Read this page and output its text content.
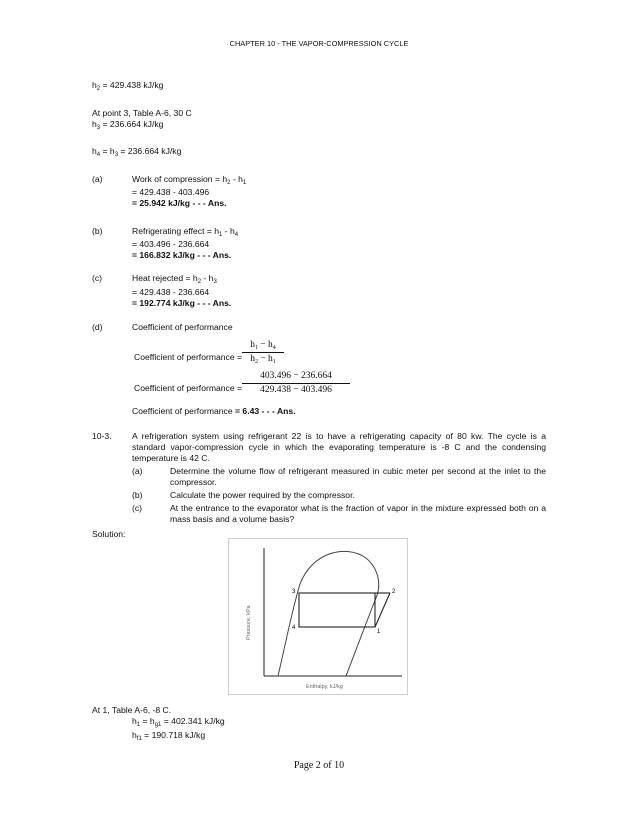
CHAPTER 10 - THE VAPOR-COMPRESSION CYCLE
$h_2 = 429.438$ kJ/kg
At point 3, Table A-6, 30 C
$h_3 = 236.664$ kJ/kg
$h_4 = h_3 = 236.664$ kJ/kg
(a)	Work of compression = $h_2 - h_1$
= 429.438 - 403.496
= 25.942 kJ/kg - - - Ans.
(b)	Refrigerating effect = $h_1 - h_4$
= 403.496 - 236.664
= 166.832 kJ/kg - - - Ans.
(c)	Heat rejected = $h_2 - h_3$
= 429.438 - 236.664
= 192.774 kJ/kg - - - Ans.
(d)	Coefficient of performance
Coefficient of performance =
$h_1 - h_4$
$h_2 - h_1$
Coefficient of performance =
403.496 − 236.664
429.438 − 403.496
Coefficient of performance = 6.43 - - - Ans.
10-3. A refrigeration system using refrigerant 22 is to have a refrigerating capacity of 80 kw. The cycle is a standard vapor-compression cycle in which the evaporating temperature is -8 C and the condensing temperature is 42 C.
(a)	Determine the volume flow of refrigerant measured in cubic meter per second at the inlet to the compressor.
(b)	Calculate the power required by the compressor.
(c)	At the entrance to the evaporator what is the fraction of vapor in the mixture expressed both on a mass basis and a volume basis?
Solution:
1
2
3
4
Pressure, kPa
Enthalpy, kJ/kg
At 1, Table A-6, -8 C.
$h_1 = h_{g1} = 402.341$ kJ/kg
$h_{f1} = 190.718$ kJ/kg
Page 2 of 10
